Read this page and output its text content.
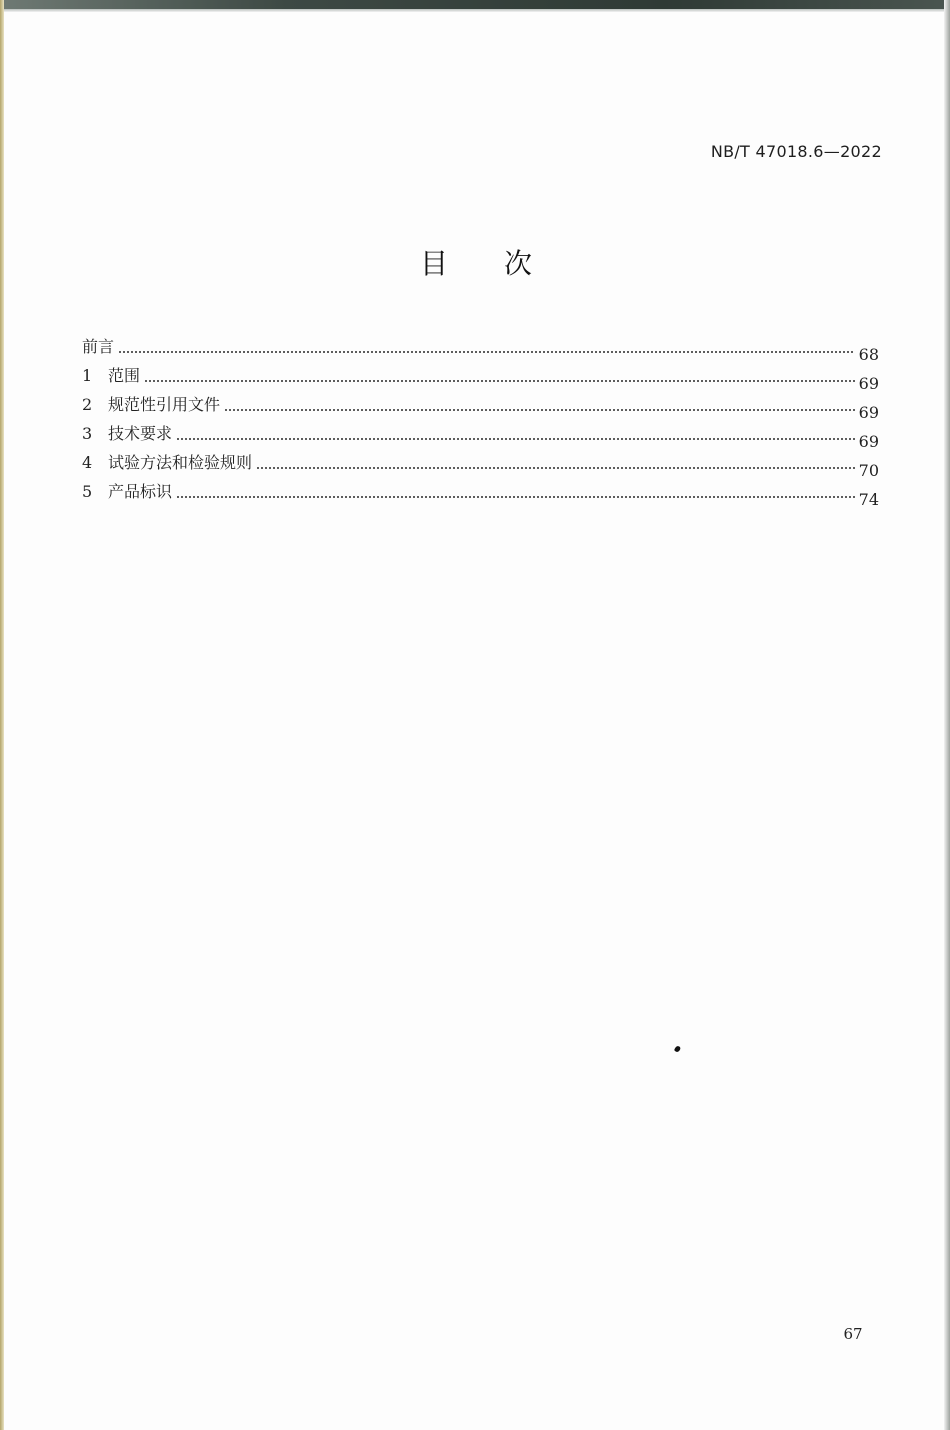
NB/T 47018.6—2022
目 次
前言	68
1 范围	69
2 规范性引用文件	69
3 技术要求	69
4 试验方法和检验规则	70
5 产品标识	74
67
